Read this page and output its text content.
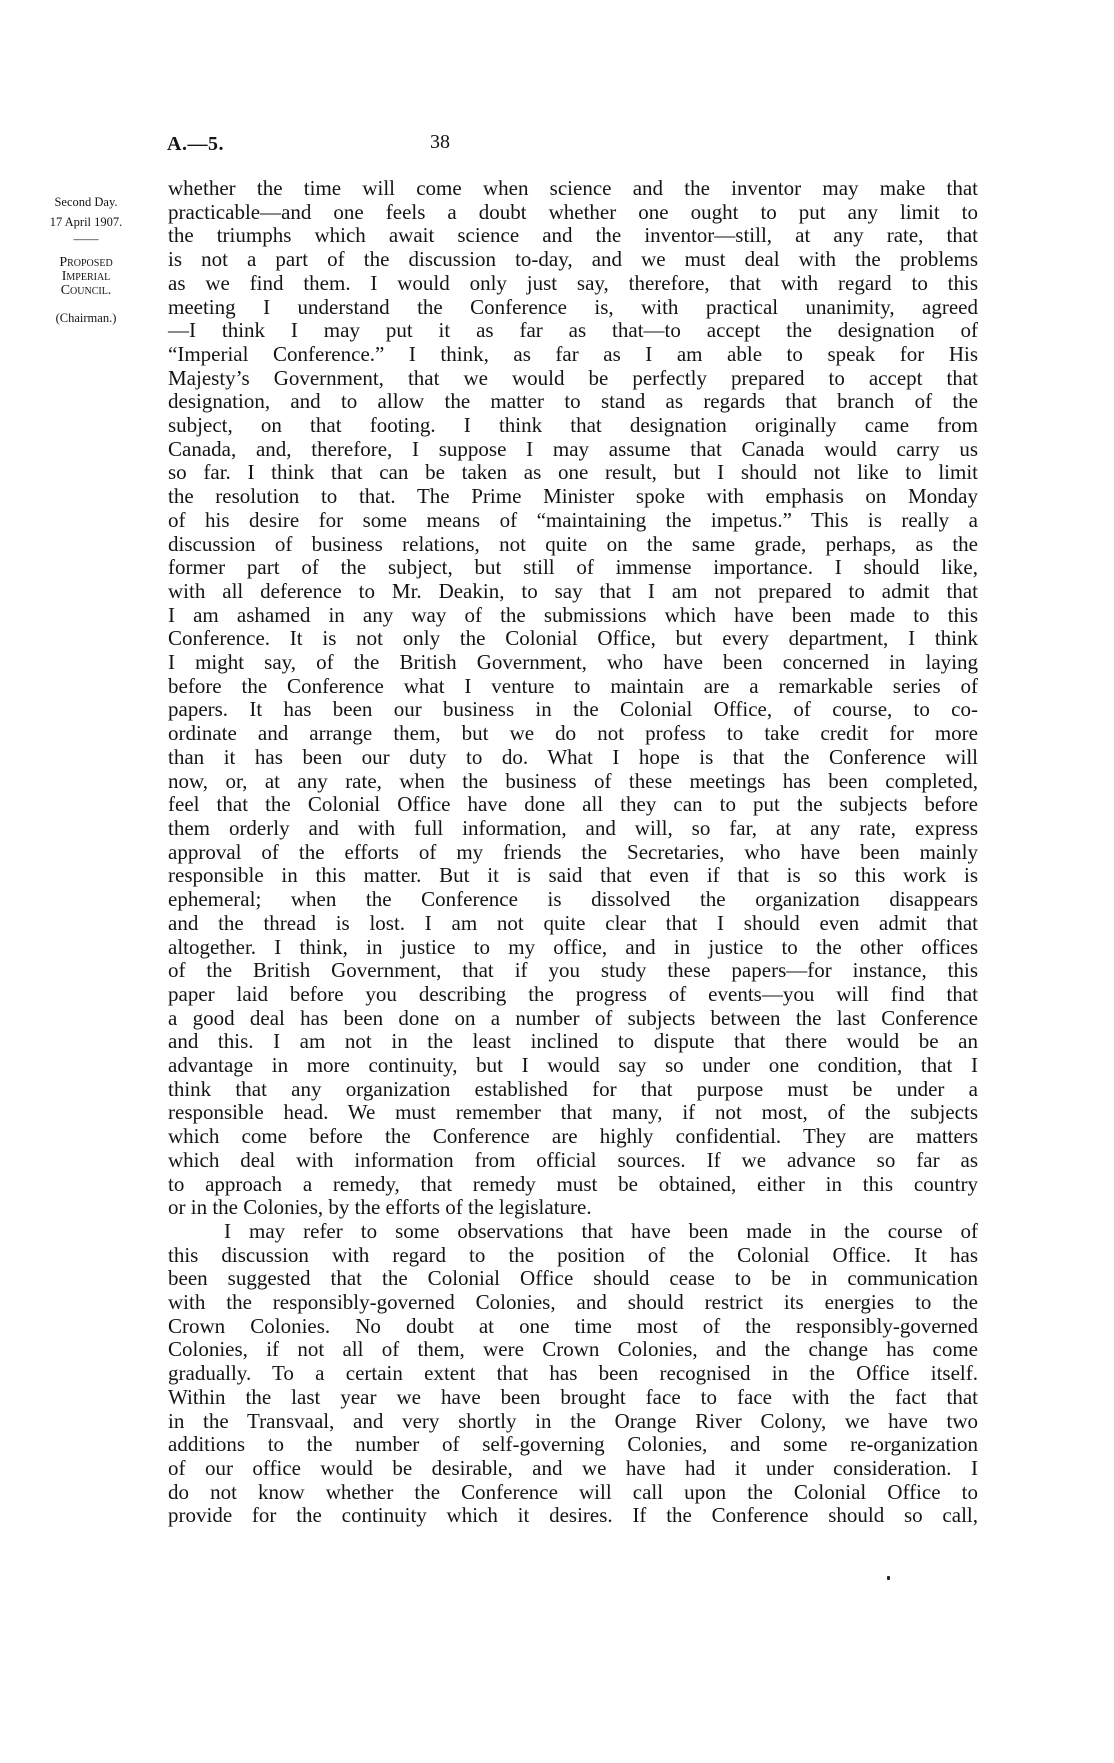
A.—5.	38
Second Day.
17 April 1907.
——
Proposed
Imperial
Council.
(Chairman.)
whether the time will come when science and the inventor may make that
practicable—and one feels a doubt whether one ought to put any limit to
the triumphs which await science and the inventor—still, at any rate, that
is not a part of the discussion to-day, and we must deal with the problems
as we find them. I would only just say, therefore, that with regard to this
meeting I understand the Conference is, with practical unanimity, agreed
—I think I may put it as far as that—to accept the designation of
“Imperial Conference.” I think, as far as I am able to speak for His
Majesty’s Government, that we would be perfectly prepared to accept that
designation, and to allow the matter to stand as regards that branch of the
subject, on that footing. I think that designation originally came from
Canada, and, therefore, I suppose I may assume that Canada would carry us
so far. I think that can be taken as one result, but I should not like to limit
the resolution to that. The Prime Minister spoke with emphasis on Monday
of his desire for some means of “maintaining the impetus.” This is really a
discussion of business relations, not quite on the same grade, perhaps, as the
former part of the subject, but still of immense importance. I should like,
with all deference to Mr. Deakin, to say that I am not prepared to admit that
I am ashamed in any way of the submissions which have been made to this
Conference. It is not only the Colonial Office, but every department, I think
I might say, of the British Government, who have been concerned in laying
before the Conference what I venture to maintain are a remarkable series of
papers. It has been our business in the Colonial Office, of course, to co-
ordinate and arrange them, but we do not profess to take credit for more
than it has been our duty to do. What I hope is that the Conference will
now, or, at any rate, when the business of these meetings has been completed,
feel that the Colonial Office have done all they can to put the subjects before
them orderly and with full information, and will, so far, at any rate, express
approval of the efforts of my friends the Secretaries, who have been mainly
responsible in this matter. But it is said that even if that is so this work is
ephemeral; when the Conference is dissolved the organization disappears
and the thread is lost. I am not quite clear that I should even admit that
altogether. I think, in justice to my office, and in justice to the other offices
of the British Government, that if you study these papers—for instance, this
paper laid before you describing the progress of events—you will find that
a good deal has been done on a number of subjects between the last Conference
and this. I am not in the least inclined to dispute that there would be an
advantage in more continuity, but I would say so under one condition, that I
think that any organization established for that purpose must be under a
responsible head. We must remember that many, if not most, of the subjects
which come before the Conference are highly confidential. They are matters
which deal with information from official sources. If we advance so far as
to approach a remedy, that remedy must be obtained, either in this country
or in the Colonies, by the efforts of the legislature.
I may refer to some observations that have been made in the course of
this discussion with regard to the position of the Colonial Office. It has
been suggested that the Colonial Office should cease to be in communication
with the responsibly-governed Colonies, and should restrict its energies to the
Crown Colonies. No doubt at one time most of the responsibly-governed
Colonies, if not all of them, were Crown Colonies, and the change has come
gradually. To a certain extent that has been recognised in the Office itself.
Within the last year we have been brought face to face with the fact that
in the Transvaal, and very shortly in the Orange River Colony, we have two
additions to the number of self-governing Colonies, and some re-organization
of our office would be desirable, and we have had it under consideration. I
do not know whether the Conference will call upon the Colonial Office to
provide for the continuity which it desires. If the Conference should so call,
